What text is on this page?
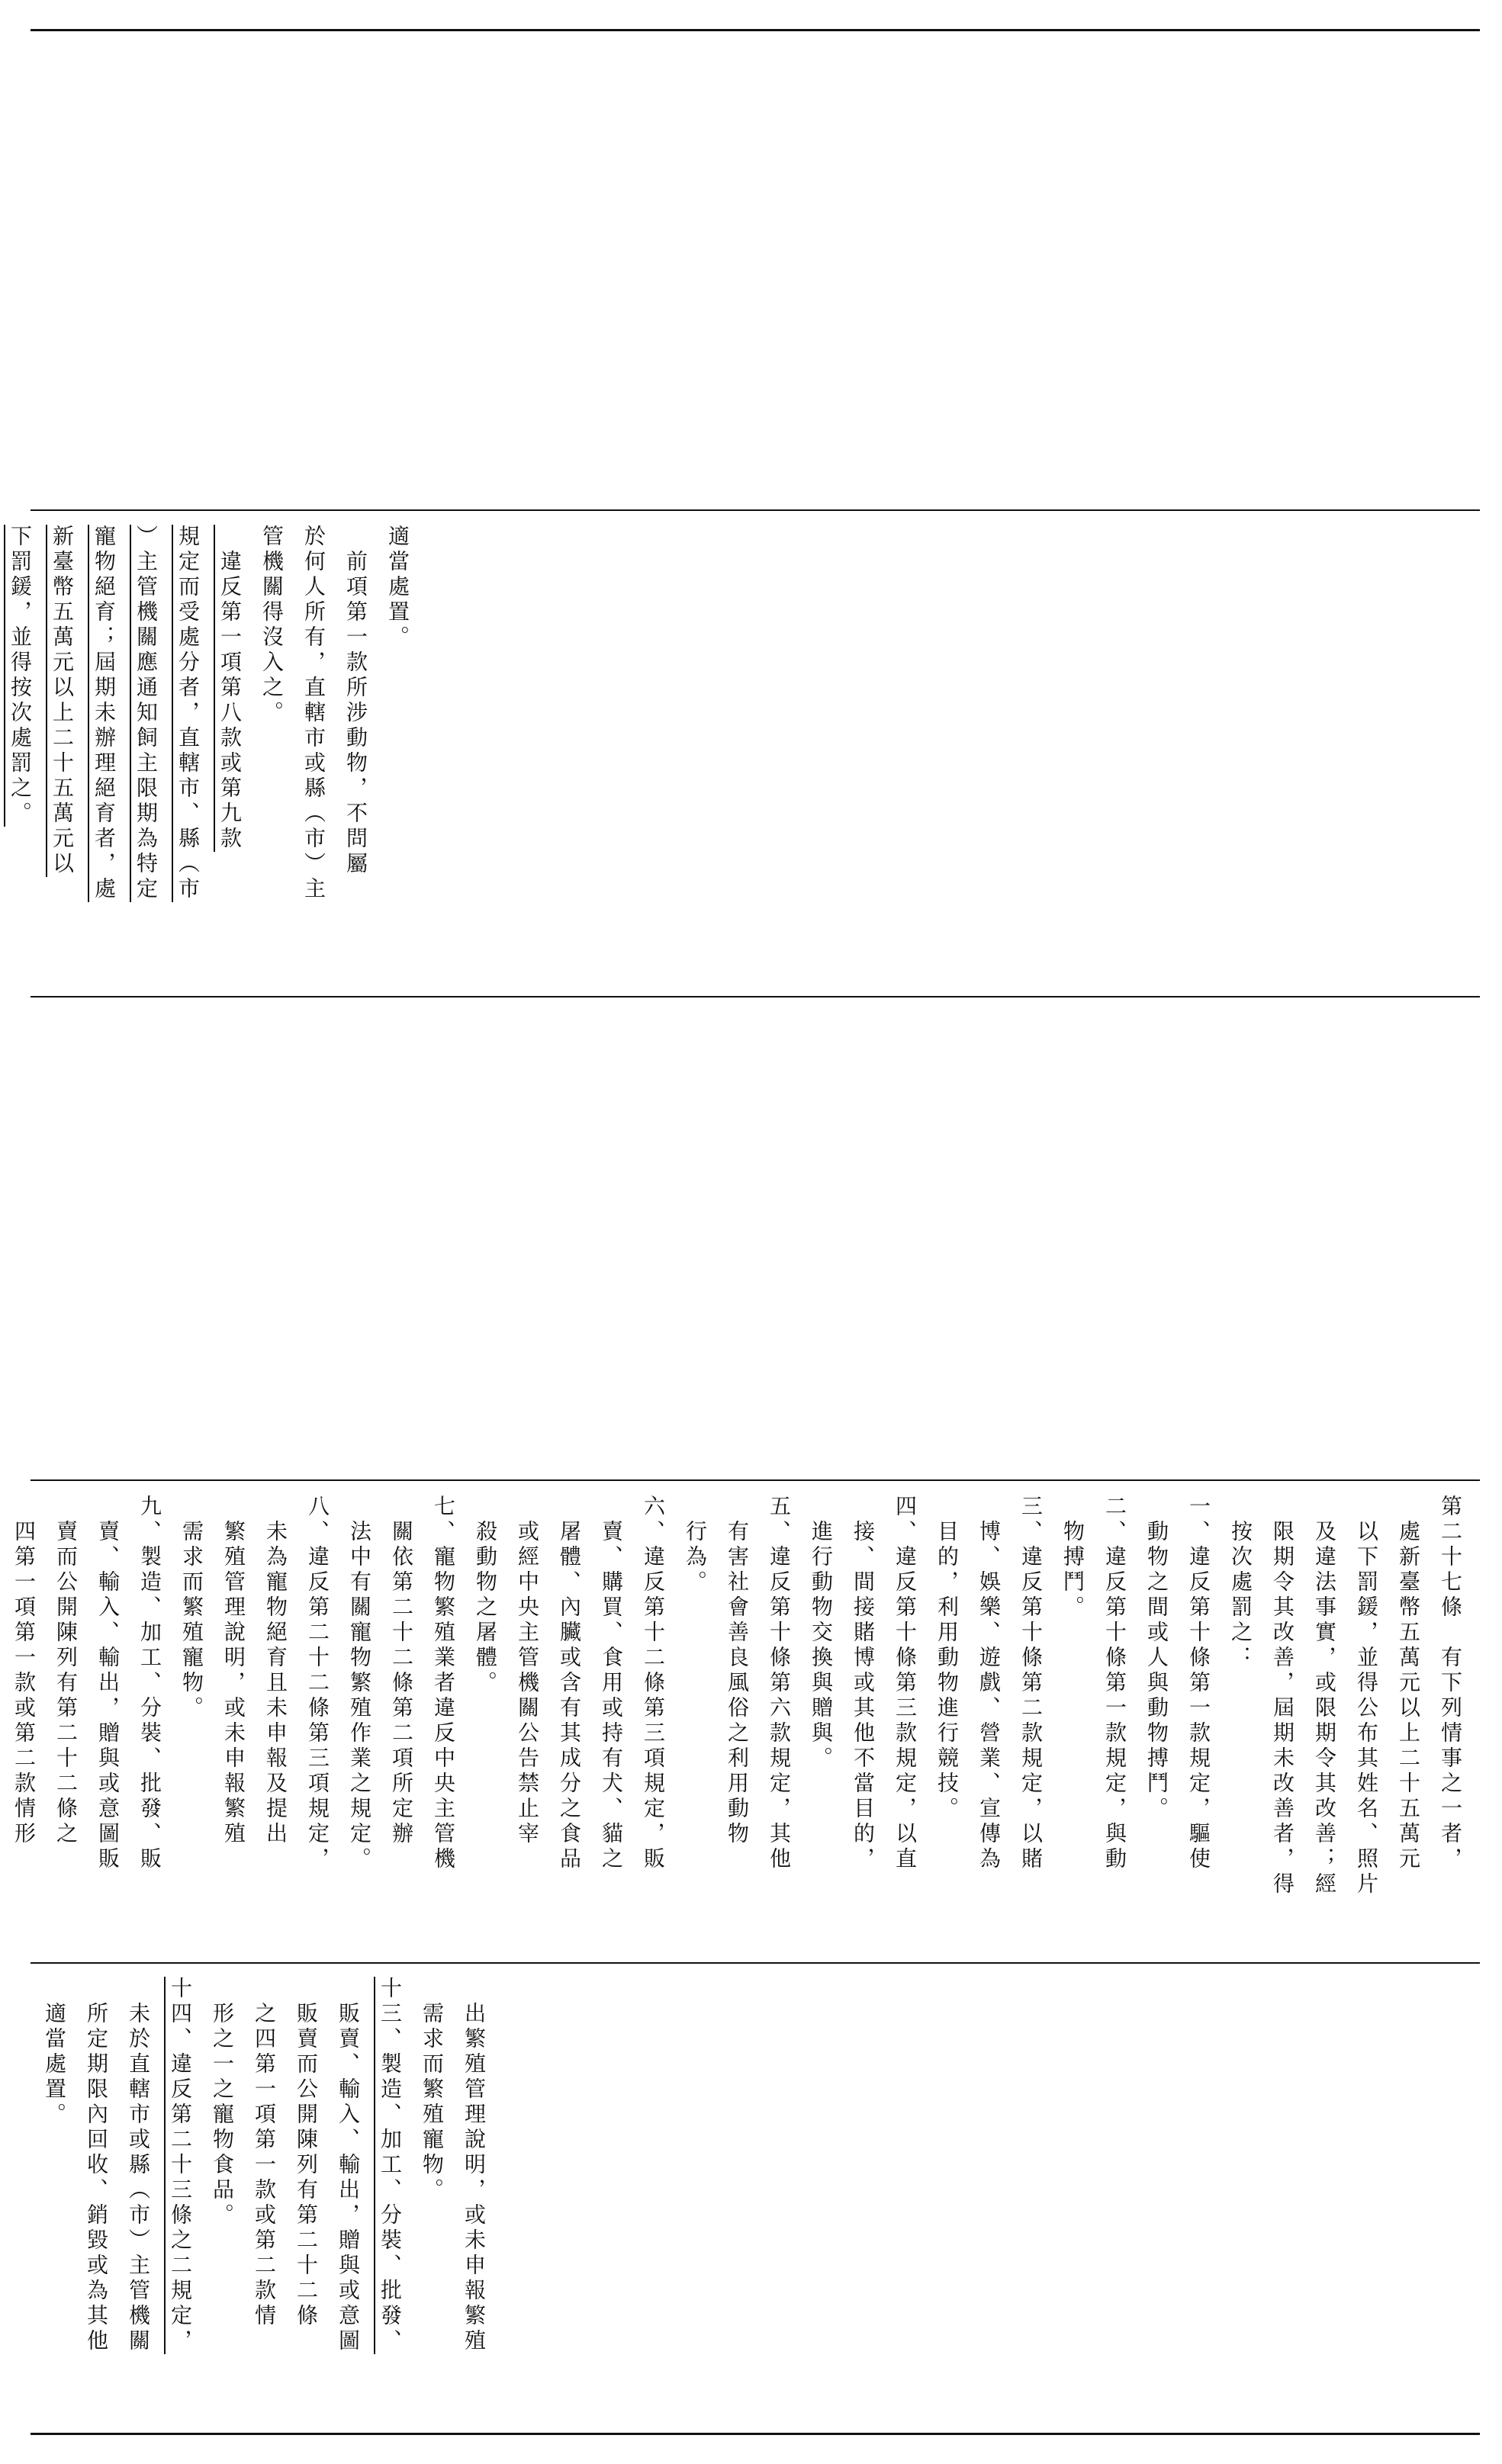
適當處置。
　前項第一款所涉動物，不問屬
於何人所有，直轄市或縣（市）主
管機關得沒入之。
　違反第一項第八款或第九款
規定而受處分者，直轄市、縣（市
）主管機關應通知飼主限期為特定
寵物絕育；屆期未辦理絕育者，處
新臺幣五萬元以上二十五萬元以
下罰鍰，並得按次處罰之。
第二十七條　有下列情事之一者，
　處新臺幣五萬元以上二十五萬元
　以下罰鍰，並得公布其姓名、照片
　及違法事實，或限期令其改善；經
　限期令其改善，屆期未改善者，得
　按次處罰之：
一、違反第十條第一款規定，驅使
　動物之間或人與動物搏鬥。
二、違反第十條第一款規定，與動
　物搏鬥。
三、違反第十條第二款規定，以賭
　博、娛樂、遊戲、營業、宣傳為
　目的，利用動物進行競技。
四、違反第十條第三款規定，以直
　接、間接賭博或其他不當目的，
　進行動物交換與贈與。
五、違反第十條第六款規定，其他
　有害社會善良風俗之利用動物
　行為。
六、違反第十二條第三項規定，販
　賣、購買、食用或持有犬、貓之
　屠體、內臟或含有其成分之食品
　或經中央主管機關公告禁止宰
　殺動物之屠體。
七、寵物繁殖業者違反中央主管機
　關依第二十二條第二項所定辦
　法中有關寵物繁殖作業之規定。
八、違反第二十二條第三項規定，
　未為寵物絕育且未申報及提出
　繁殖管理說明，或未申報繁殖
　需求而繁殖寵物。
九、製造、加工、分裝、批發、販
　賣、輸入、輸出，贈與或意圖販
　賣而公開陳列有第二十二條之
　四第一項第一款或第二款情形
　出繁殖管理說明，或未申報繁殖
　需求而繁殖寵物。
十三、製造、加工、分裝、批發、
　販賣、輸入、輸出，贈與或意圖
　販賣而公開陳列有第二十二條
　之四第一項第一款或第二款情
　形之一之寵物食品。
十四、違反第二十三條之二規定，
　未於直轄市或縣（市）主管機關
　所定期限內回收、銷毀或為其他
　適當處置。
